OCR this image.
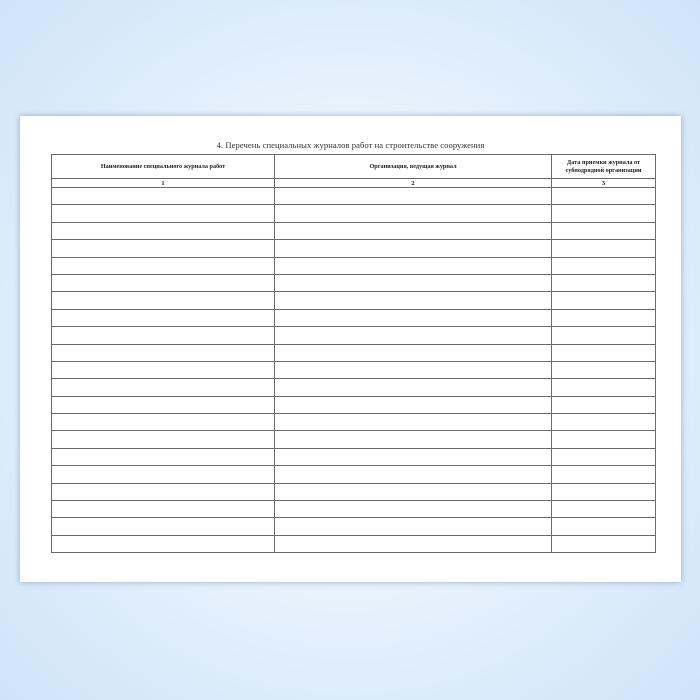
4. Перечень специальных журналов работ на строительстве сооружения
Наименование специального журнала работ	Организация, ведущая журнал	Дата приемки журнала от субподрядной организации
1	2	3
